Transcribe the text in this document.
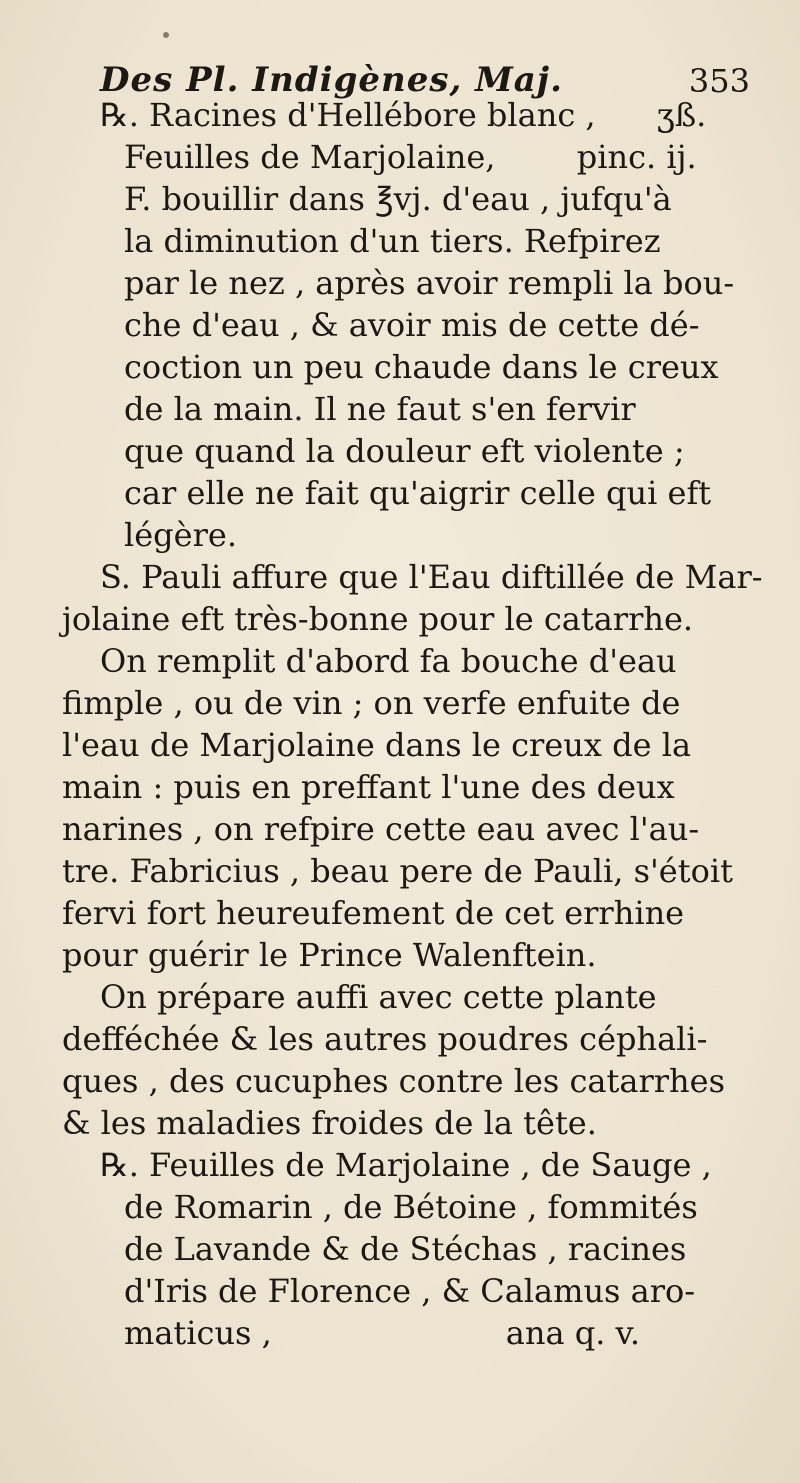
Des Pl. Indigènes, Maj.	353
℞. Racines d'Hellébore blanc ,      ʒß.
Feuilles de Marjolaine,        pinc. ij.
F. bouillir dans ℥vj. d'eau , jufqu'à
la diminution d'un tiers. Refpirez
par le nez , après avoir rempli la bou-
che d'eau , & avoir mis de cette dé-
coction un peu chaude dans le creux
de la main. Il ne faut s'en fervir
que quand la douleur eft violente ;
car elle ne fait qu'aigrir celle qui eft
légère.
S. Pauli affure que l'Eau diftillée de Mar-
jolaine eft très-bonne pour le catarrhe.
On remplit d'abord fa bouche d'eau
fimple , ou de vin ; on verfe enfuite de
l'eau de Marjolaine dans le creux de la
main : puis en preffant l'une des deux
narines , on refpire cette eau avec l'au-
tre. Fabricius , beau pere de Pauli, s'étoit
fervi fort heureufement de cet errhine
pour guérir le Prince Walenftein.
On prépare auffi avec cette plante
defféchée & les autres poudres céphali-
ques , des cucuphes contre les catarrhes
& les maladies froides de la tête.
℞. Feuilles de Marjolaine , de Sauge ,
de Romarin , de Bétoine , fommités
de Lavande & de Stéchas , racines
d'Iris de Florence , & Calamus aro-
maticus ,                       ana q. v.
